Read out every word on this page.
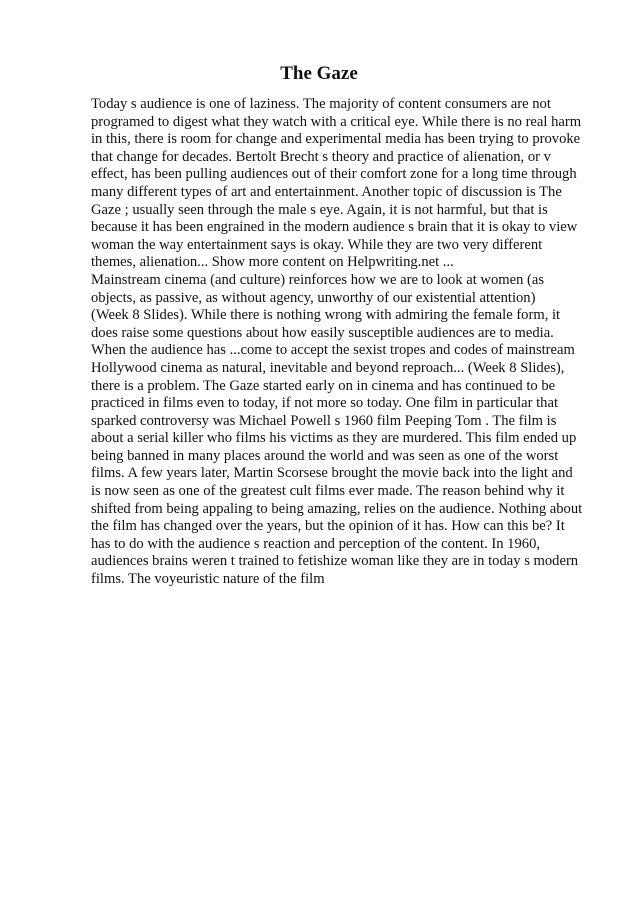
The Gaze
Today s audience is one of laziness. The majority of content consumers are not
programed to digest what they watch with a critical eye. While there is no real harm
in this, there is room for change and experimental media has been trying to provoke
that change for decades. Bertolt Brecht s theory and practice of alienation, or v
effect, has been pulling audiences out of their comfort zone for a long time through
many different types of art and entertainment. Another topic of discussion is The
Gaze ; usually seen through the male s eye. Again, it is not harmful, but that is
because it has been engrained in the modern audience s brain that it is okay to view
woman the way entertainment says is okay. While they are two very different
themes, alienation... Show more content on Helpwriting.net ...
Mainstream cinema (and culture) reinforces how we are to look at women (as
objects, as passive, as without agency, unworthy of our existential attention)
(Week 8 Slides). While there is nothing wrong with admiring the female form, it
does raise some questions about how easily susceptible audiences are to media.
When the audience has ...come to accept the sexist tropes and codes of mainstream
Hollywood cinema as natural, inevitable and beyond reproach... (Week 8 Slides),
there is a problem. The Gaze started early on in cinema and has continued to be
practiced in films even to today, if not more so today. One film in particular that
sparked controversy was Michael Powell s 1960 film Peeping Tom . The film is
about a serial killer who films his victims as they are murdered. This film ended up
being banned in many places around the world and was seen as one of the worst
films. A few years later, Martin Scorsese brought the movie back into the light and
is now seen as one of the greatest cult films ever made. The reason behind why it
shifted from being appaling to being amazing, relies on the audience. Nothing about
the film has changed over the years, but the opinion of it has. How can this be? It
has to do with the audience s reaction and perception of the content. In 1960,
audiences brains weren t trained to fetishize woman like they are in today s modern
films. The voyeuristic nature of the film
